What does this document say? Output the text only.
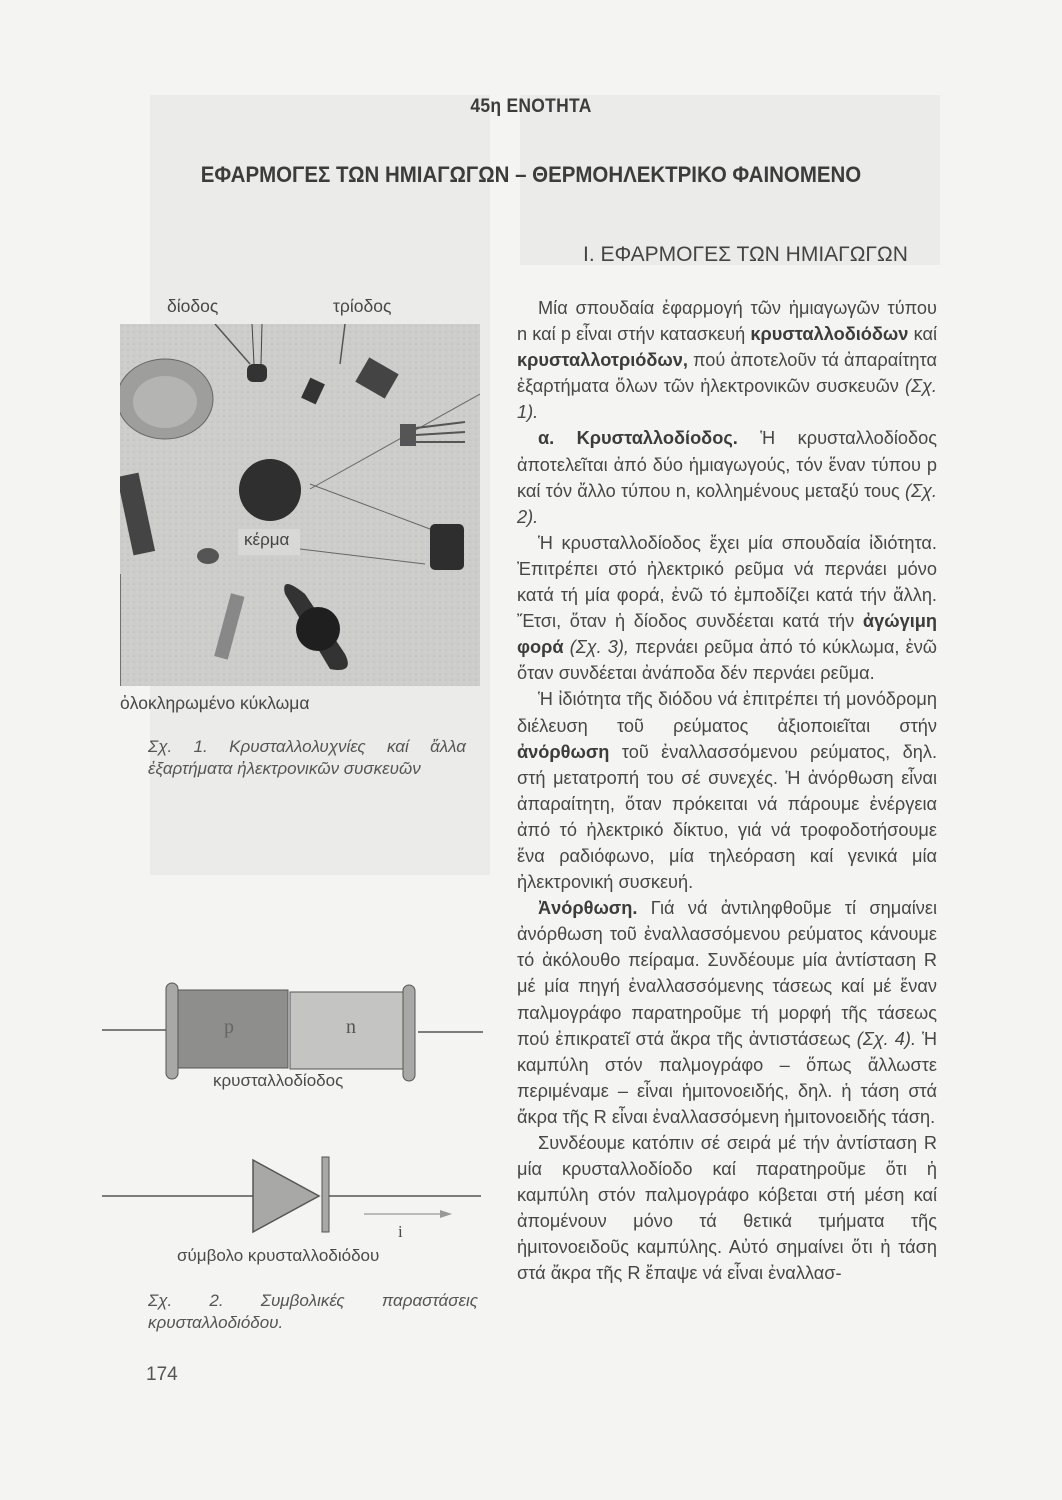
45η ΕΝΟΤΗΤΑ
ΕΦΑΡΜΟΓΕΣ ΤΩΝ ΗΜΙΑΓΩΓΩΝ – ΘΕΡΜΟΗΛΕΚΤΡΙΚΟ ΦΑΙΝΟΜΕΝΟ
Ι. ΕΦΑΡΜΟΓΕΣ ΤΩΝ ΗΜΙΑΓΩΓΩΝ

Μία σπουδαία ἐφαρμογή τῶν ἡμιαγωγῶν τύπου n καί p εἶναι στήν κατασκευή κρυσταλλοδιόδων καί κρυσταλλοτριόδων, πού ἀποτελοῦν τά ἀπαραίτητα ἐξαρτήματα ὅλων τῶν ἡλεκτρονικῶν συσκευῶν (Σχ. 1).

α. Κρυσταλλοδίοδος. Ἡ κρυσταλλοδίοδος ἀποτελεῖται ἀπό δύο ἡμιαγωγούς, τόν ἕναν τύπου p καί τόν ἄλλο τύπου n, κολλημένους μεταξύ τους (Σχ. 2).

Ἡ κρυσταλλοδίοδος ἔχει μία σπουδαία ἰδιότητα. Ἐπιτρέπει στό ἠλεκτρικό ρεῦμα νά περνάει μόνο κατά τή μία φορά, ἐνῶ τό ἐμποδίζει κατά τήν ἄλλη. Ἔτσι, ὅταν ἡ δίοδος συνδέεται κατά τήν ἀγώγιμη φορά (Σχ. 3), περνάει ρεῦμα ἀπό τό κύκλωμα, ἐνῶ ὅταν συνδέεται ἀνάποδα δέν περνάει ρεῦμα.

Ἡ ἰδιότητα τῆς διόδου νά ἐπιτρέπει τή μονόδρομη διέλευση τοῦ ρεύματος ἀξιοποιεῖται στήν ἀνόρθωση τοῦ ἐναλλασσόμενου ρεύματος, δηλ. στή μετατροπή του σέ συνεχές. Ἡ ἀνόρθωση εἶναι ἀπαραίτητη, ὅταν πρόκειται νά πάρουμε ἐνέργεια ἀπό τό ἠλεκτρικό δίκτυο, γιά νά τροφοδοτήσουμε ἕνα ραδιόφωνο, μία τηλεόραση καί γενικά μία ἠλεκτρονική συσκευή.

Ἀνόρθωση. Γιά νά ἀντιληφθοῦμε τί σημαίνει ἀνόρθωση τοῦ ἐναλλασσόμενου ρεύματος κάνουμε τό ἀκόλουθο πείραμα. Συνδέουμε μία ἀντίσταση R μέ μία πηγή ἐναλλασσόμενης τάσεως καί μέ ἕναν παλμογράφο παρατηροῦμε τή μορφή τῆς τάσεως πού ἐπικρατεῖ στά ἄκρα τῆς ἀντιστάσεως (Σχ. 4). Ἡ καμπύλη στόν παλμογράφο – ὅπως ἄλλωστε περιμέναμε – εἶναι ἡμιτονοειδής, δηλ. ἡ τάση στά ἄκρα τῆς R εἶναι ἐναλλασσόμενη ἡμιτονοειδής τάση.

Συνδέουμε κατόπιν σέ σειρά μέ τήν ἀντίσταση R μία κρυσταλλοδίοδο καί παρατηροῦμε ὅτι ἡ καμπύλη στόν παλμογράφο κόβεται στή μέση καί ἀπομένουν μόνο τά θετικά τμήματα τῆς ἡμιτονοειδοῦς καμπύλης. Αὐτό σημαίνει ὅτι ἡ τάση στά ἄκρα τῆς R ἔπαψε νά εἶναι ἐναλλασ-

δίοδος	τρίοδος
κέρμα
ὀλοκληρωμένο κύκλωμα
Σχ. 1. Κρυσταλλολυχνίες καί ἄλλα ἐξαρτήματα ἠλεκτρονικῶν συσκευῶν
p	n
κρυσταλλοδίοδος
i
σύμβολο κρυσταλλοδιόδου
Σχ. 2. Συμβολικές παραστάσεις κρυσταλλοδιόδου.
174
